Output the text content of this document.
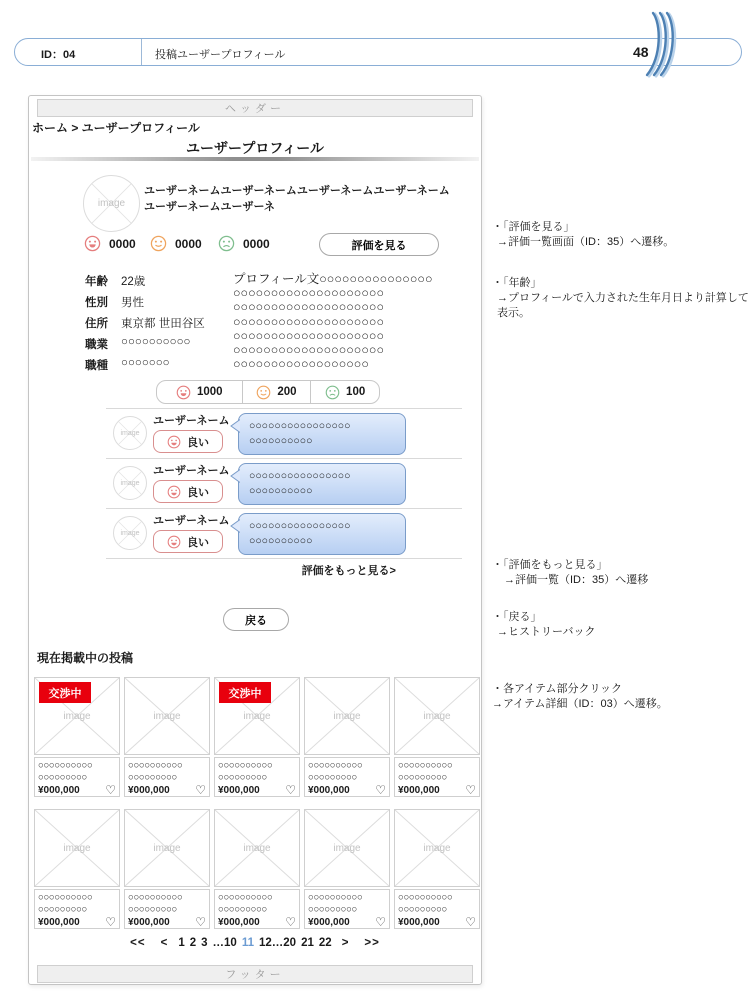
ID：04	投稿ユーザープロフィール	48
ヘッダー
ホーム > ユーザープロフィール
ユーザープロフィール
image
ユーザーネームユーザーネームユーザーネームユーザーネーム
ユーザーネームユーザーネ
0000	0000	0000	評価を見る
年齢	22歳
性別	男性
住所	東京都 世田谷区
職業	○○○○○○○○○○
職種	○○○○○○○
プロフィール文○○○○○○○○○○○○○○○
○○○○○○○○○○○○○○○○○○○○
○○○○○○○○○○○○○○○○○○○○
○○○○○○○○○○○○○○○○○○○○
○○○○○○○○○○○○○○○○○○○○
○○○○○○○○○○○○○○○○○○○○
○○○○○○○○○○○○○○○○○○
1000	200	100
image
ユーザーネーム
良い
○○○○○○○○○○○○○○○○
○○○○○○○○○○
image
ユーザーネーム
良い
○○○○○○○○○○○○○○○○
○○○○○○○○○○
image
ユーザーネーム
良い
○○○○○○○○○○○○○○○○
○○○○○○○○○○
評価をもっと見る>
戻る
現在掲載中の投稿
交渉中
image
○○○○○○○○○○
○○○○○○○○○
¥000,000 ♡
image
○○○○○○○○○○
○○○○○○○○○
¥000,000 ♡
交渉中
image
○○○○○○○○○○
○○○○○○○○○
¥000,000 ♡
image
○○○○○○○○○○
○○○○○○○○○
¥000,000 ♡
image
○○○○○○○○○○
○○○○○○○○○
¥000,000 ♡
image
○○○○○○○○○○
○○○○○○○○○
¥000,000 ♡
image
○○○○○○○○○○
○○○○○○○○○
¥000,000 ♡
image
○○○○○○○○○○
○○○○○○○○○
¥000,000 ♡
image
○○○○○○○○○○
○○○○○○○○○
¥000,000 ♡
image
○○○○○○○○○○
○○○○○○○○○
¥000,000 ♡
<< < 1 2 3 …10 11 12…20 21 22 > >>
フッター
・「評価を見る」
→評価一覧画面（ID：35）へ遷移。
・「年齢」
→プロフィールで入力された生年月日より計算して表示。
・「評価をもっと見る」
→評価一覧（ID：35）へ遷移
・「戻る」
→ヒストリーバック
・各アイテム部分クリック
→アイテム詳細（ID：03）へ遷移。
